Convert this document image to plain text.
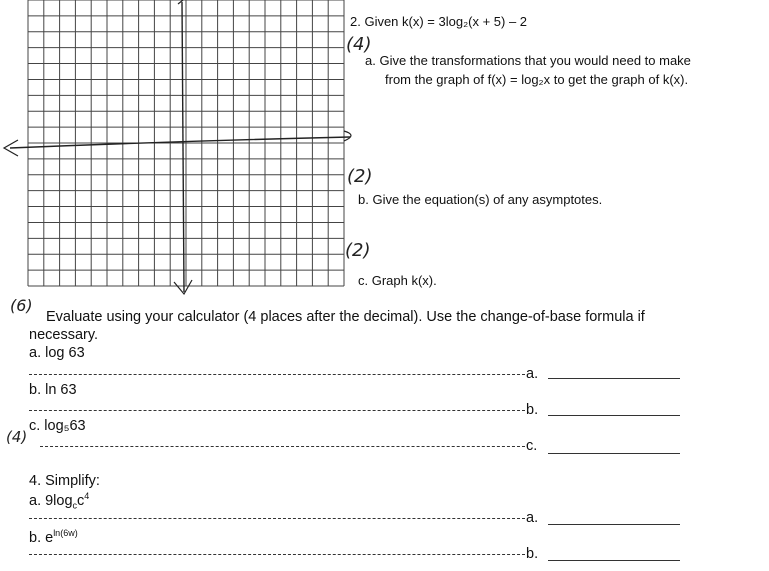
2. Given k(x) = 3log₂(x + 5) – 2
(4)
a. Give the transformations that you would need to make
from the graph of f(x) = log₂x to get the graph of k(x).
(2)
b. Give the equation(s) of any asymptotes.
(2)
c. Graph k(x).
(6)
Evaluate using your calculator (4 places after the decimal). Use the change-of-base formula if
necessary.
a. log 63
a.
b. ln 63
b.
(4)
c. log₅63
c.
4. Simplify:
a. $9\log_cc^4$
a.
b. $e^{ln(6w)}$
b.
